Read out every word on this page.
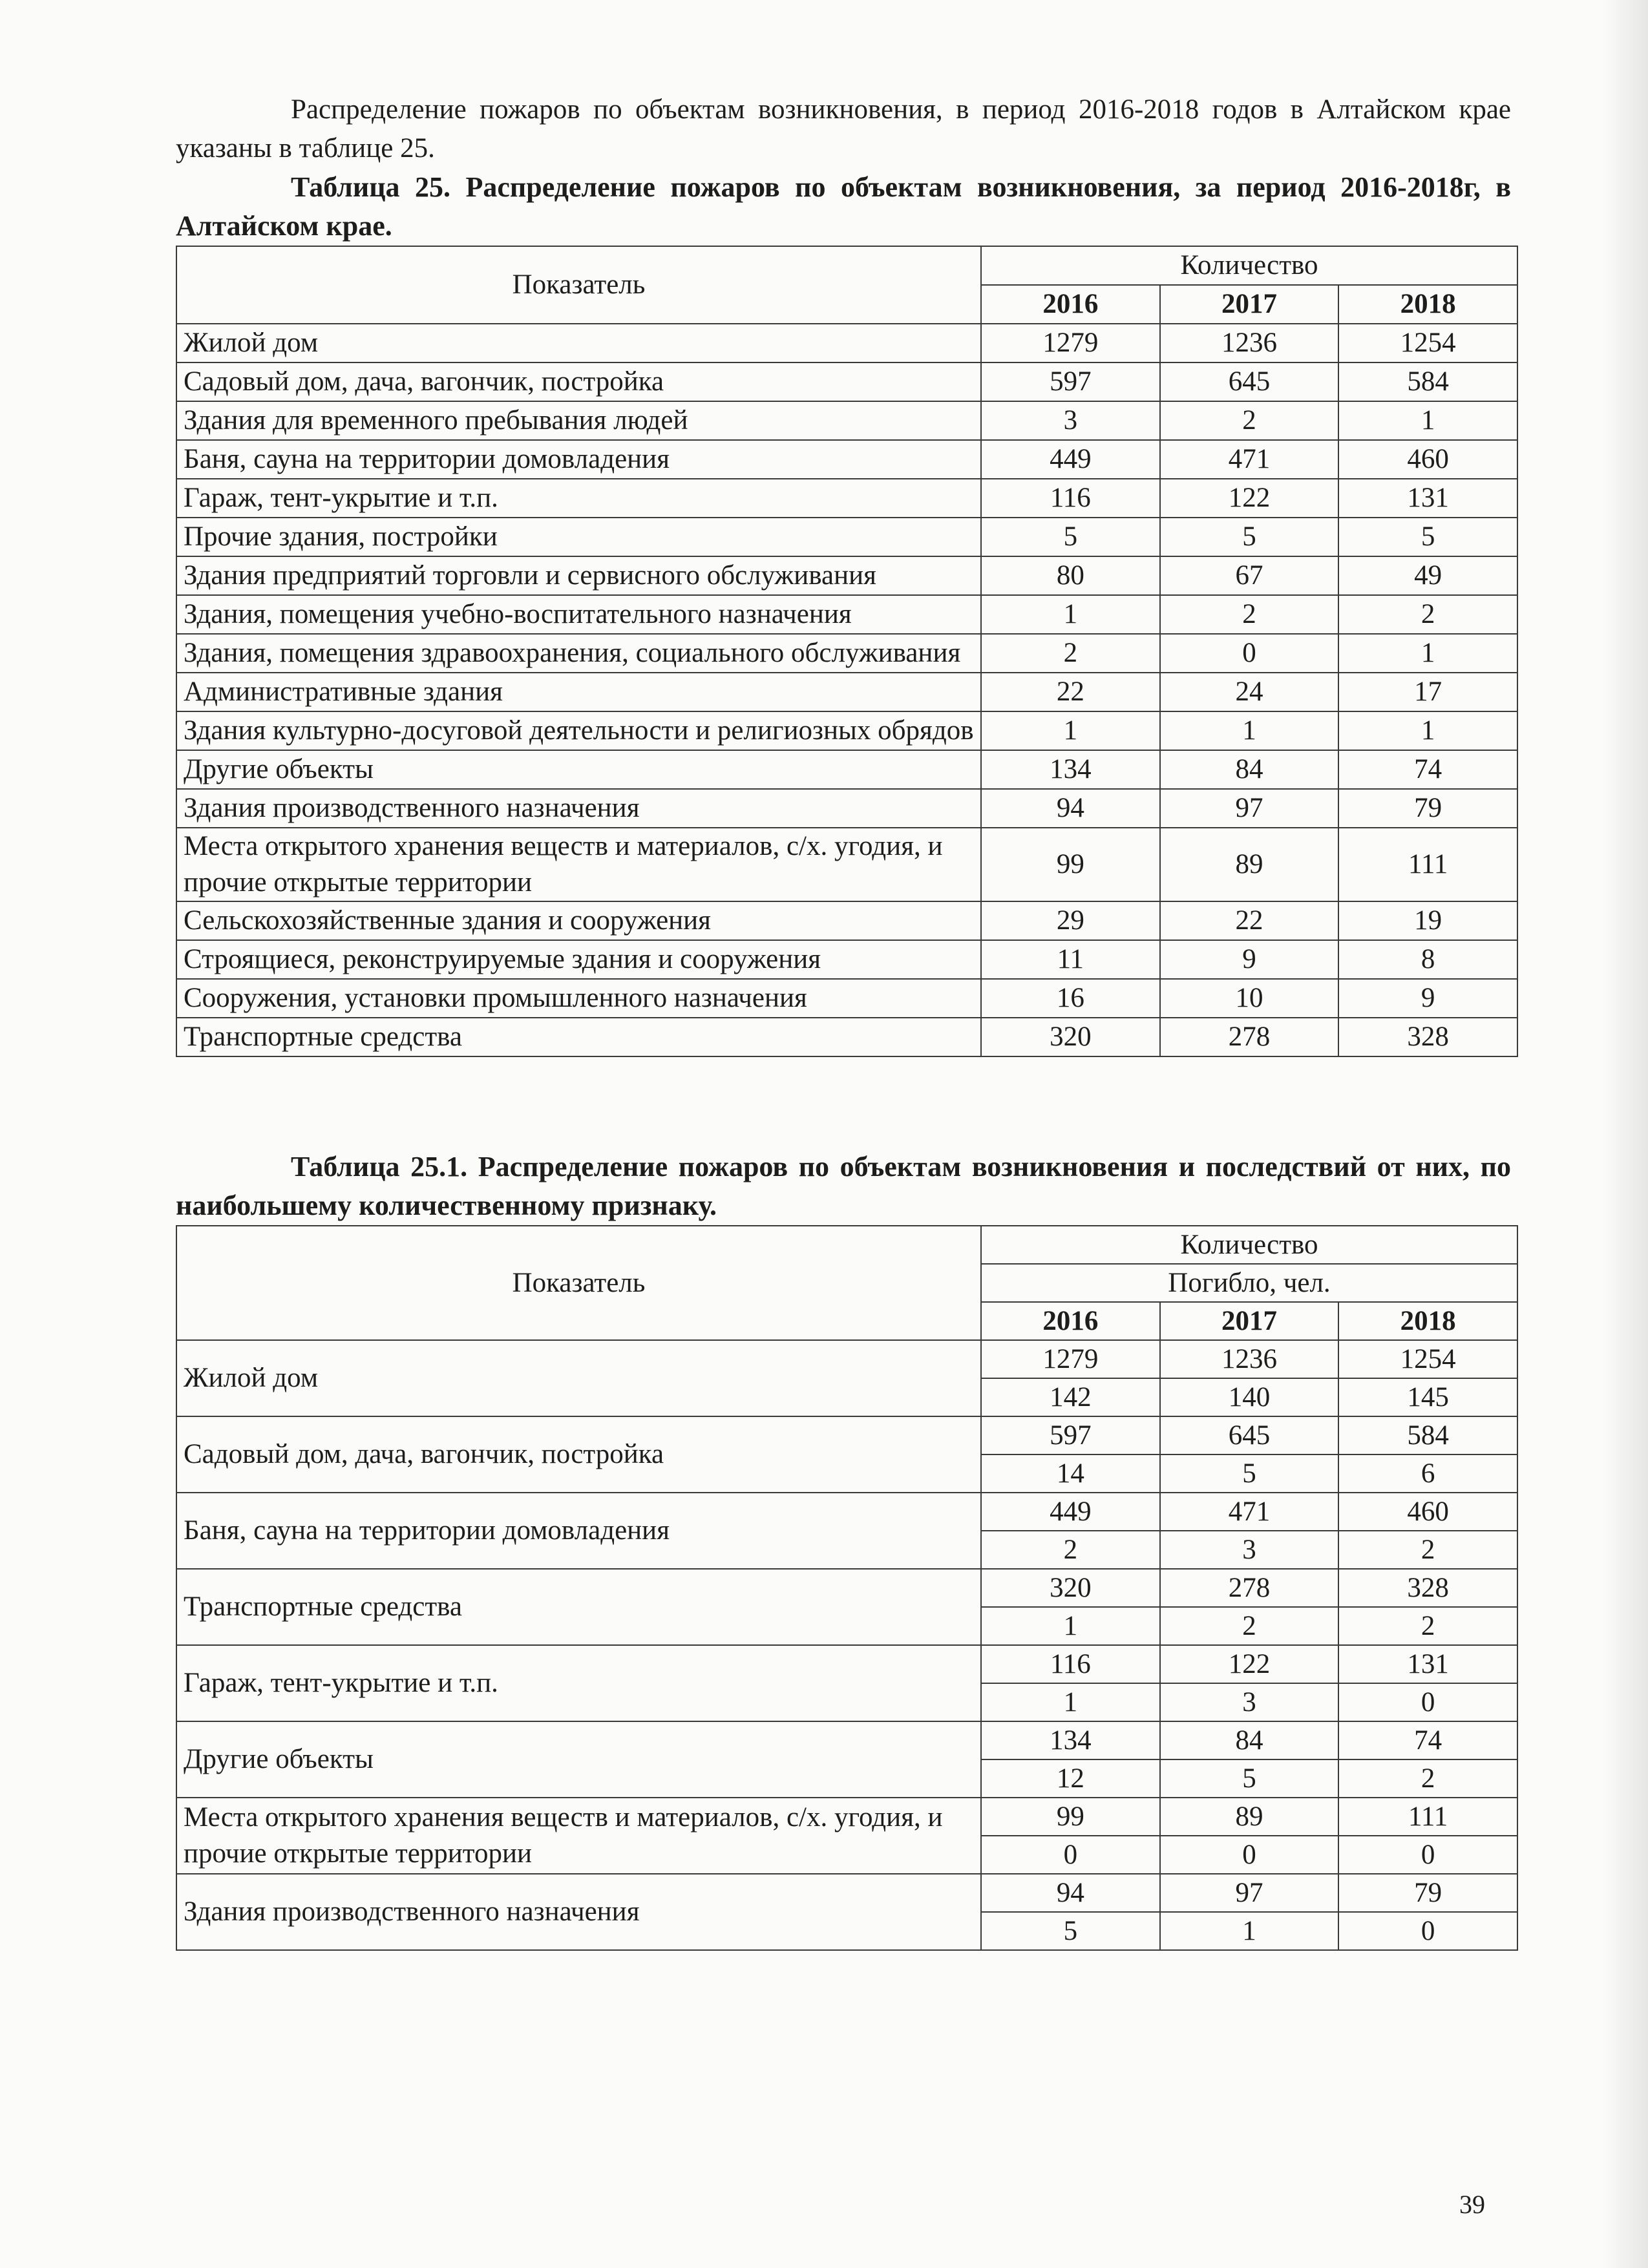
Распределение пожаров по объектам возникновения, в период 2016-2018 годов в Алтайском крае указаны в таблице 25.

Таблица 25. Распределение пожаров по объектам возникновения, за период 2016-2018г, в Алтайском крае.

Показатель	Количество		
	2016	2017	2018
Жилой дом	1279	1236	1254
Садовый дом, дача, вагончик, постройка	597	645	584
Здания для временного пребывания людей	3	2	1
Баня, сауна на территории домовладения	449	471	460
Гараж, тент-укрытие и т.п.	116	122	131
Прочие здания, постройки	5	5	5
Здания предприятий торговли и сервисного обслуживания	80	67	49
Здания, помещения учебно-воспитательного назначения	1	2	2
Здания, помещения здравоохранения, социального обслуживания	2	0	1
Административные здания	22	24	17
Здания культурно-досуговой деятельности и религиозных обрядов	1	1	1
Другие объекты	134	84	74
Здания производственного назначения	94	97	79
Места открытого хранения веществ и материалов, с/х. угодия, и прочие открытые территории	99	89	111
Сельскохозяйственные здания и сооружения	29	22	19
Строящиеся, реконструируемые здания и сооружения	11	9	8
Сооружения, установки промышленного назначения	16	10	9
Транспортные средства	320	278	328

Таблица 25.1. Распределение пожаров по объектам возникновения и последствий от них, по наибольшему количественному признаку.

Показатель	Количество		
	Погибло, чел.		
	2016	2017	2018
Жилой дом	1279	1236	1254
	142	140	145
Садовый дом, дача, вагончик, постройка	597	645	584
	14	5	6
Баня, сауна на территории домовладения	449	471	460
	2	3	2
Транспортные средства	320	278	328
	1	2	2
Гараж, тент-укрытие и т.п.	116	122	131
	1	3	0
Другие объекты	134	84	74
	12	5	2
Места открытого хранения веществ и материалов, с/х. угодия, и прочие открытые территории	99	89	111
	0	0	0
Здания производственного назначения	94	97	79
	5	1	0
39
